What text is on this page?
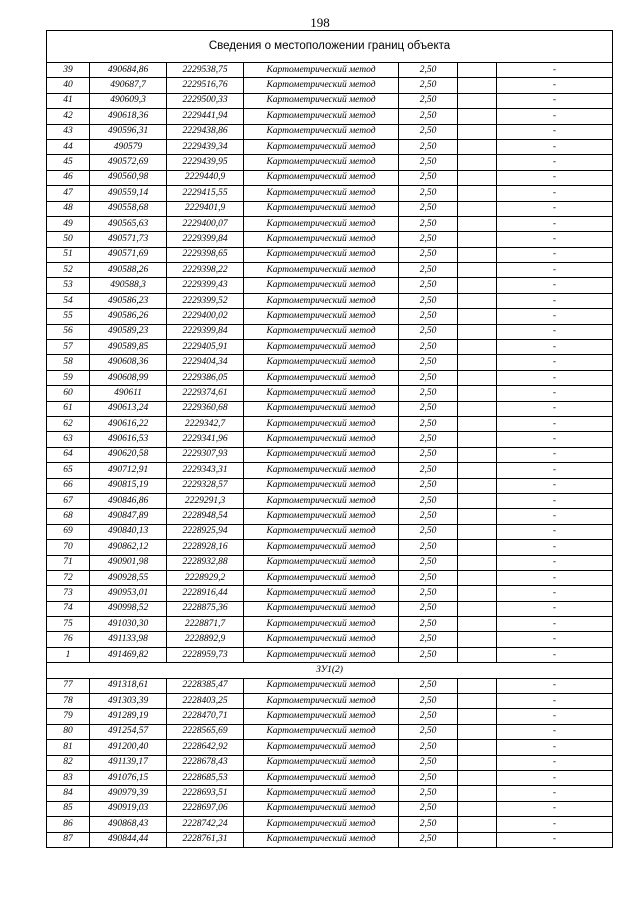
198
Сведения о местоположении границ объекта						
39	490684,86	2229538,75	Картометрический метод	2,50		-
40	490687,7	2229516,76	Картометрический метод	2,50		-
41	490609,3	2229500,33	Картометрический метод	2,50		-
42	490618,36	2229441,94	Картометрический метод	2,50		-
43	490596,31	2229438,86	Картометрический метод	2,50		-
44	490579	2229439,34	Картометрический метод	2,50		-
45	490572,69	2229439,95	Картометрический метод	2,50		-
46	490560,98	2229440,9	Картометрический метод	2,50		-
47	490559,14	2229415,55	Картометрический метод	2,50		-
48	490558,68	2229401,9	Картометрический метод	2,50		-
49	490565,63	2229400,07	Картометрический метод	2,50		-
50	490571,73	2229399,84	Картометрический метод	2,50		-
51	490571,69	2229398,65	Картометрический метод	2,50		-
52	490588,26	2229398,22	Картометрический метод	2,50		-
53	490588,3	2229399,43	Картометрический метод	2,50		-
54	490586,23	2229399,52	Картометрический метод	2,50		-
55	490586,26	2229400,02	Картометрический метод	2,50		-
56	490589,23	2229399,84	Картометрический метод	2,50		-
57	490589,85	2229405,91	Картометрический метод	2,50		-
58	490608,36	2229404,34	Картометрический метод	2,50		-
59	490608,99	2229386,05	Картометрический метод	2,50		-
60	490611	2229374,61	Картометрический метод	2,50		-
61	490613,24	2229360,68	Картометрический метод	2,50		-
62	490616,22	2229342,7	Картометрический метод	2,50		-
63	490616,53	2229341,96	Картометрический метод	2,50		-
64	490620,58	2229307,93	Картометрический метод	2,50		-
65	490712,91	2229343,31	Картометрический метод	2,50		-
66	490815,19	2229328,57	Картометрический метод	2,50		-
67	490846,86	2229291,3	Картометрический метод	2,50		-
68	490847,89	2228948,54	Картометрический метод	2,50		-
69	490840,13	2228925,94	Картометрический метод	2,50		-
70	490862,12	2228928,16	Картометрический метод	2,50		-
71	490901,98	2228932,88	Картометрический метод	2,50		-
72	490928,55	2228929,2	Картометрический метод	2,50		-
73	490953,01	2228916,44	Картометрический метод	2,50		-
74	490998,52	2228875,36	Картометрический метод	2,50		-
75	491030,30	2228871,7	Картометрический метод	2,50		-
76	491133,98	2228892,9	Картометрический метод	2,50		-
1	491469,82	2228959,73	Картометрический метод	2,50		-
ЗУ1(2)						
77	491318,61	2228385,47	Картометрический метод	2,50		-
78	491303,39	2228403,25	Картометрический метод	2,50		-
79	491289,19	2228470,71	Картометрический метод	2,50		-
80	491254,57	2228565,69	Картометрический метод	2,50		-
81	491200,40	2228642,92	Картометрический метод	2,50		-
82	491139,17	2228678,43	Картометрический метод	2,50		-
83	491076,15	2228685,53	Картометрический метод	2,50		-
84	490979,39	2228693,51	Картометрический метод	2,50		-
85	490919,03	2228697,06	Картометрический метод	2,50		-
86	490868,43	2228742,24	Картометрический метод	2,50		-
87	490844,44	2228761,31	Картометрический метод	2,50		-
